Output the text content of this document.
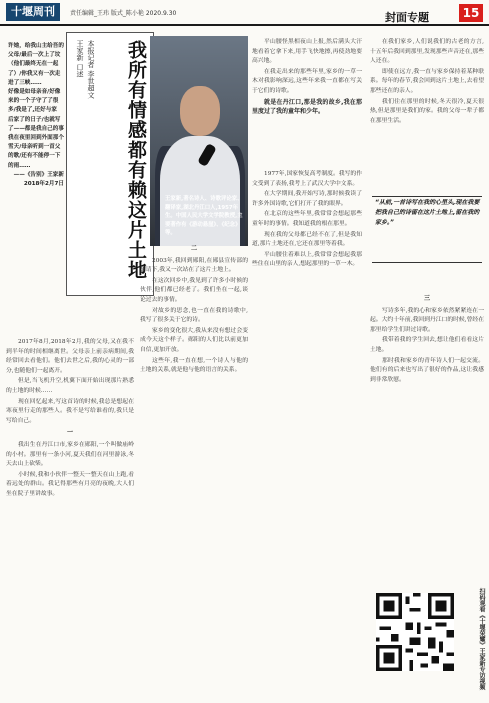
十堰周刊	责任编辑_王玮 版式_陈小艳 2020.9.30	封面专题	15

许她，给我山主给吾的父母/最后一次上了坟（他们最终无在一起了）/你我又有一次走进了三峡……

好像是如母亲音/好像来的一个子守了了很多/我是了,还好与家

后家了的日子/也就写了——都是我自己的事

我在夜里回到外面那个雪天/母亲听到一首父的歌/还有不能停一下的雨……

——《告别》王家新 2018年2月7日	我所有情感都有赖这片土地
本报记者 李世超文
王家新 口述
王家新,著名诗人、诗歌评论家、翻译家,湖北丹江口人,1957年生。中国人民大学文学院教授,主要著作有《游动悬崖》、《纪念》等。

2017年8月,2018年2月,我的父母,又在我不到半年的时间相继离世。父母亲上前亲病期间,我经常回去看他们。他们去世之后,我的心灵的一部分,也随他们一起离开。

但是,当飞机升空,机翼下面开始出现那片熟悉的土地的时候……

现在回忆起来,写这首诗的时候,我总是想起在寒夜里行走的那些人。我不是写给谁看的,我只是写给自己。

一

我出生在丹江口市,家乡在郧阳,一个叫做庙岭的小村。那里有一条小河,夏天我们在河里游泳,冬天去山上砍柴。

小时候,我和小伙伴一整天一整天在山上跑,看着远处的群山。我记得那些有月亮的夜晚,大人们坐在院子里讲故事。

平山腰怪黑相夜山上报,然后满头大汗地看着它拿下来,用手飞快地擦,再使劲地要高兴地。

在我走出来的那些年里,家乡的一草一木对我影响深远,这些年来我一直都在写关于它们的诗歌。

就是在丹江口,那是我的故乡,我在那里度过了我的童年和少年。

在我们家乡,人们说我们的古老的方言,十五年后我回到那里,发现那些声音还在,那些人还在。

即使在远方,我一直与家乡保持着某种联系。每年的春节,我会回到这片土地上,去看望那些还在的亲人。

我们住在那里的时候,冬天很冷,夏天很热,但是那里是我们的家。我的父母一辈子都在那里生活。

“从前,一首诗写在我的心里头,现在我要把我自己的诗留在这片土地上,留在我的家乡。”
二

2003年,我回到郧阳,在郧县宣传部的邀请下,我又一次站在了这片土地上。

在这次回乡中,我见到了许多小时候的伙伴,他们都已经老了。我们坐在一起,谈论过去的事情。

对故乡的思念,也一直在我的诗歌中,我写了很多关于它的诗。

家乡的变化很大,我从来没有想过会变成今天这个样子。郧阳的人们比以前更加自信,更加开放。

这些年,我一直在想,一个诗人与他的土地的关系,就是他与他的语言的关系。

1977年,国家恢复高考制度。我写的作文受到了表扬,我考上了武汉大学中文系。

在大学期间,我开始写诗,那时候我读了许多外国诗歌,它们打开了我的眼界。

在北京的这些年里,我常常会想起那些童年时的事情。我知道我的根在那里。

现在我的父母都已经不在了,但是我知道,那片土地还在,它还在那里等着我。

平山腰住着难以上,我常常会想起我那些住在山里的亲人,想起那里的一草一木。

三

写诗多年,我的心和家乡依然紧紧连在一起。大约十年前,我回到丹江口的时候,曾经在那里给学生们讲过诗歌。

我带着我的学生回去,想让他们看看这片土地。

那时我和家乡的青年诗人们一起交流。他们有的后来也写出了很好的作品,这让我感到非常欣慰。

扫码观看《十堰荣耀》王家新专访视频
